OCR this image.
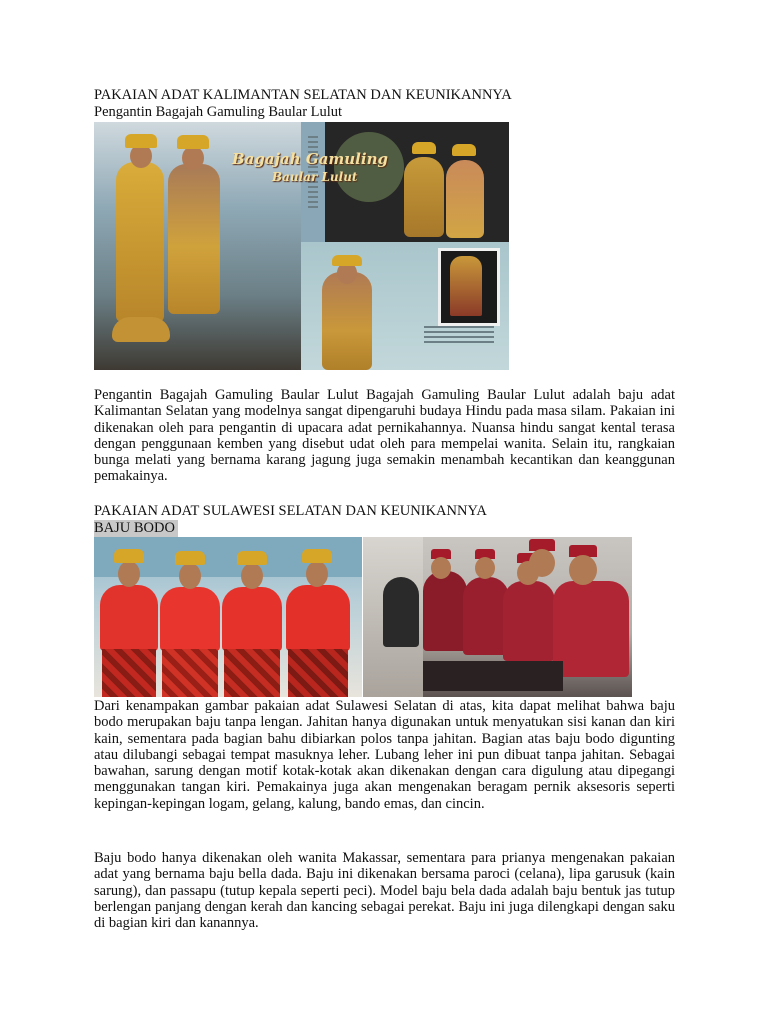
PAKAIAN ADAT KALIMANTAN SELATAN DAN KEUNIKANNYA
Pengantin Bagajah Gamuling Baular Lulut
Bagajah Gamuling
Baular Lulut

Pengantin Bagajah Gamuling Baular Lulut Bagajah Gamuling Baular Lulut adalah baju adat Kalimantan Selatan yang modelnya sangat dipengaruhi budaya Hindu pada masa silam. Pakaian ini dikenakan oleh para pengantin di upacara adat pernikahannya. Nuansa hindu sangat kental terasa dengan penggunaan kemben yang disebut udat oleh para mempelai wanita. Selain itu, rangkaian bunga melati yang bernama karang jagung juga semakin menambah kecantikan dan keanggunan pemakainya.

PAKAIAN ADAT SULAWESI SELATAN DAN KEUNIKANNYA
BAJU BODO

Dari kenampakan gambar pakaian adat Sulawesi Selatan di atas, kita dapat melihat bahwa baju bodo merupakan baju tanpa lengan. Jahitan hanya digunakan untuk menyatukan sisi kanan dan kiri kain, sementara pada bagian bahu dibiarkan polos tanpa jahitan. Bagian atas baju bodo digunting atau dilubangi sebagai tempat masuknya leher. Lubang leher ini pun dibuat tanpa jahitan. Sebagai bawahan, sarung dengan motif kotak-kotak akan dikenakan dengan cara digulung atau dipegangi menggunakan tangan kiri. Pemakainya juga akan mengenakan beragam pernik aksesoris seperti kepingan-kepingan logam, gelang, kalung, bando emas, dan cincin.

Baju bodo hanya dikenakan oleh wanita Makassar, sementara para prianya mengenakan pakaian adat yang bernama baju bella dada. Baju ini dikenakan bersama paroci (celana), lipa garusuk (kain sarung), dan passapu (tutup kepala seperti peci). Model baju bela dada adalah baju bentuk jas tutup berlengan panjang dengan kerah dan kancing sebagai perekat. Baju ini juga dilengkapi dengan saku di bagian kiri dan kanannya.
